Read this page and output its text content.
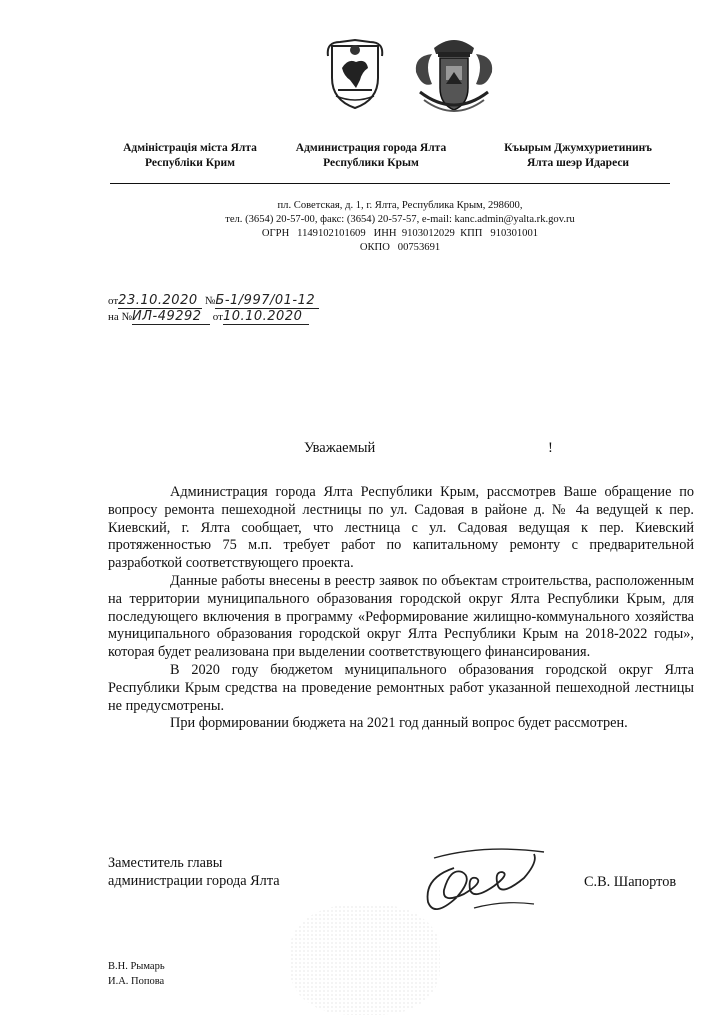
Адміністрація міста Ялта
Республіки Крим
Администрация города Ялта
Республики Крым
Къырым Джумхуриетининъ
Ялта шеэр Идареси
пл. Советская, д. 1, г. Ялта, Республика Крым, 298600,
тел. (3654) 20-57-00, факс: (3654) 20-57-57, e-mail: kanc.admin@yalta.rk.gov.ru
ОГРН   1149102101609   ИНН  9103012029  КПП   910301001
ОКПО   00753691
от23.10.2020 №Б-1/997/01-12
на №ИЛ-49292 от10.10.2020
Уважаемый	!

Администрация города Ялта Республики Крым, рассмотрев Ваше обращение по вопросу ремонта пешеходной лестницы по ул. Садовая в районе д. № 4а ведущей к пер. Киевский, г. Ялта сообщает, что лестница с ул. Садовая ведущая к пер. Киевский протяженностью 75 м.п. требует работ по капитальному ремонту с предварительной разработкой соответствующего проекта.

Данные работы внесены в реестр заявок по объектам строительства, расположенным на территории муниципального образования городской округ Ялта Республики Крым, для последующего включения в программу «Реформирование жилищно-коммунального хозяйства муниципального образования городской округ Ялта Республики Крым на 2018-2022 годы», которая будет реализована при выделении соответствующего финансирования.

В 2020 году бюджетом муниципального образования городской округ Ялта Республики Крым средства на проведение ремонтных работ указанной пешеходной лестницы не предусмотрены.

При формировании бюджета на 2021 год данный вопрос будет рассмотрен.

Заместитель главы
администрации города Ялта	С.В. Шапортов
В.Н. Рымарь
И.А. Попова
